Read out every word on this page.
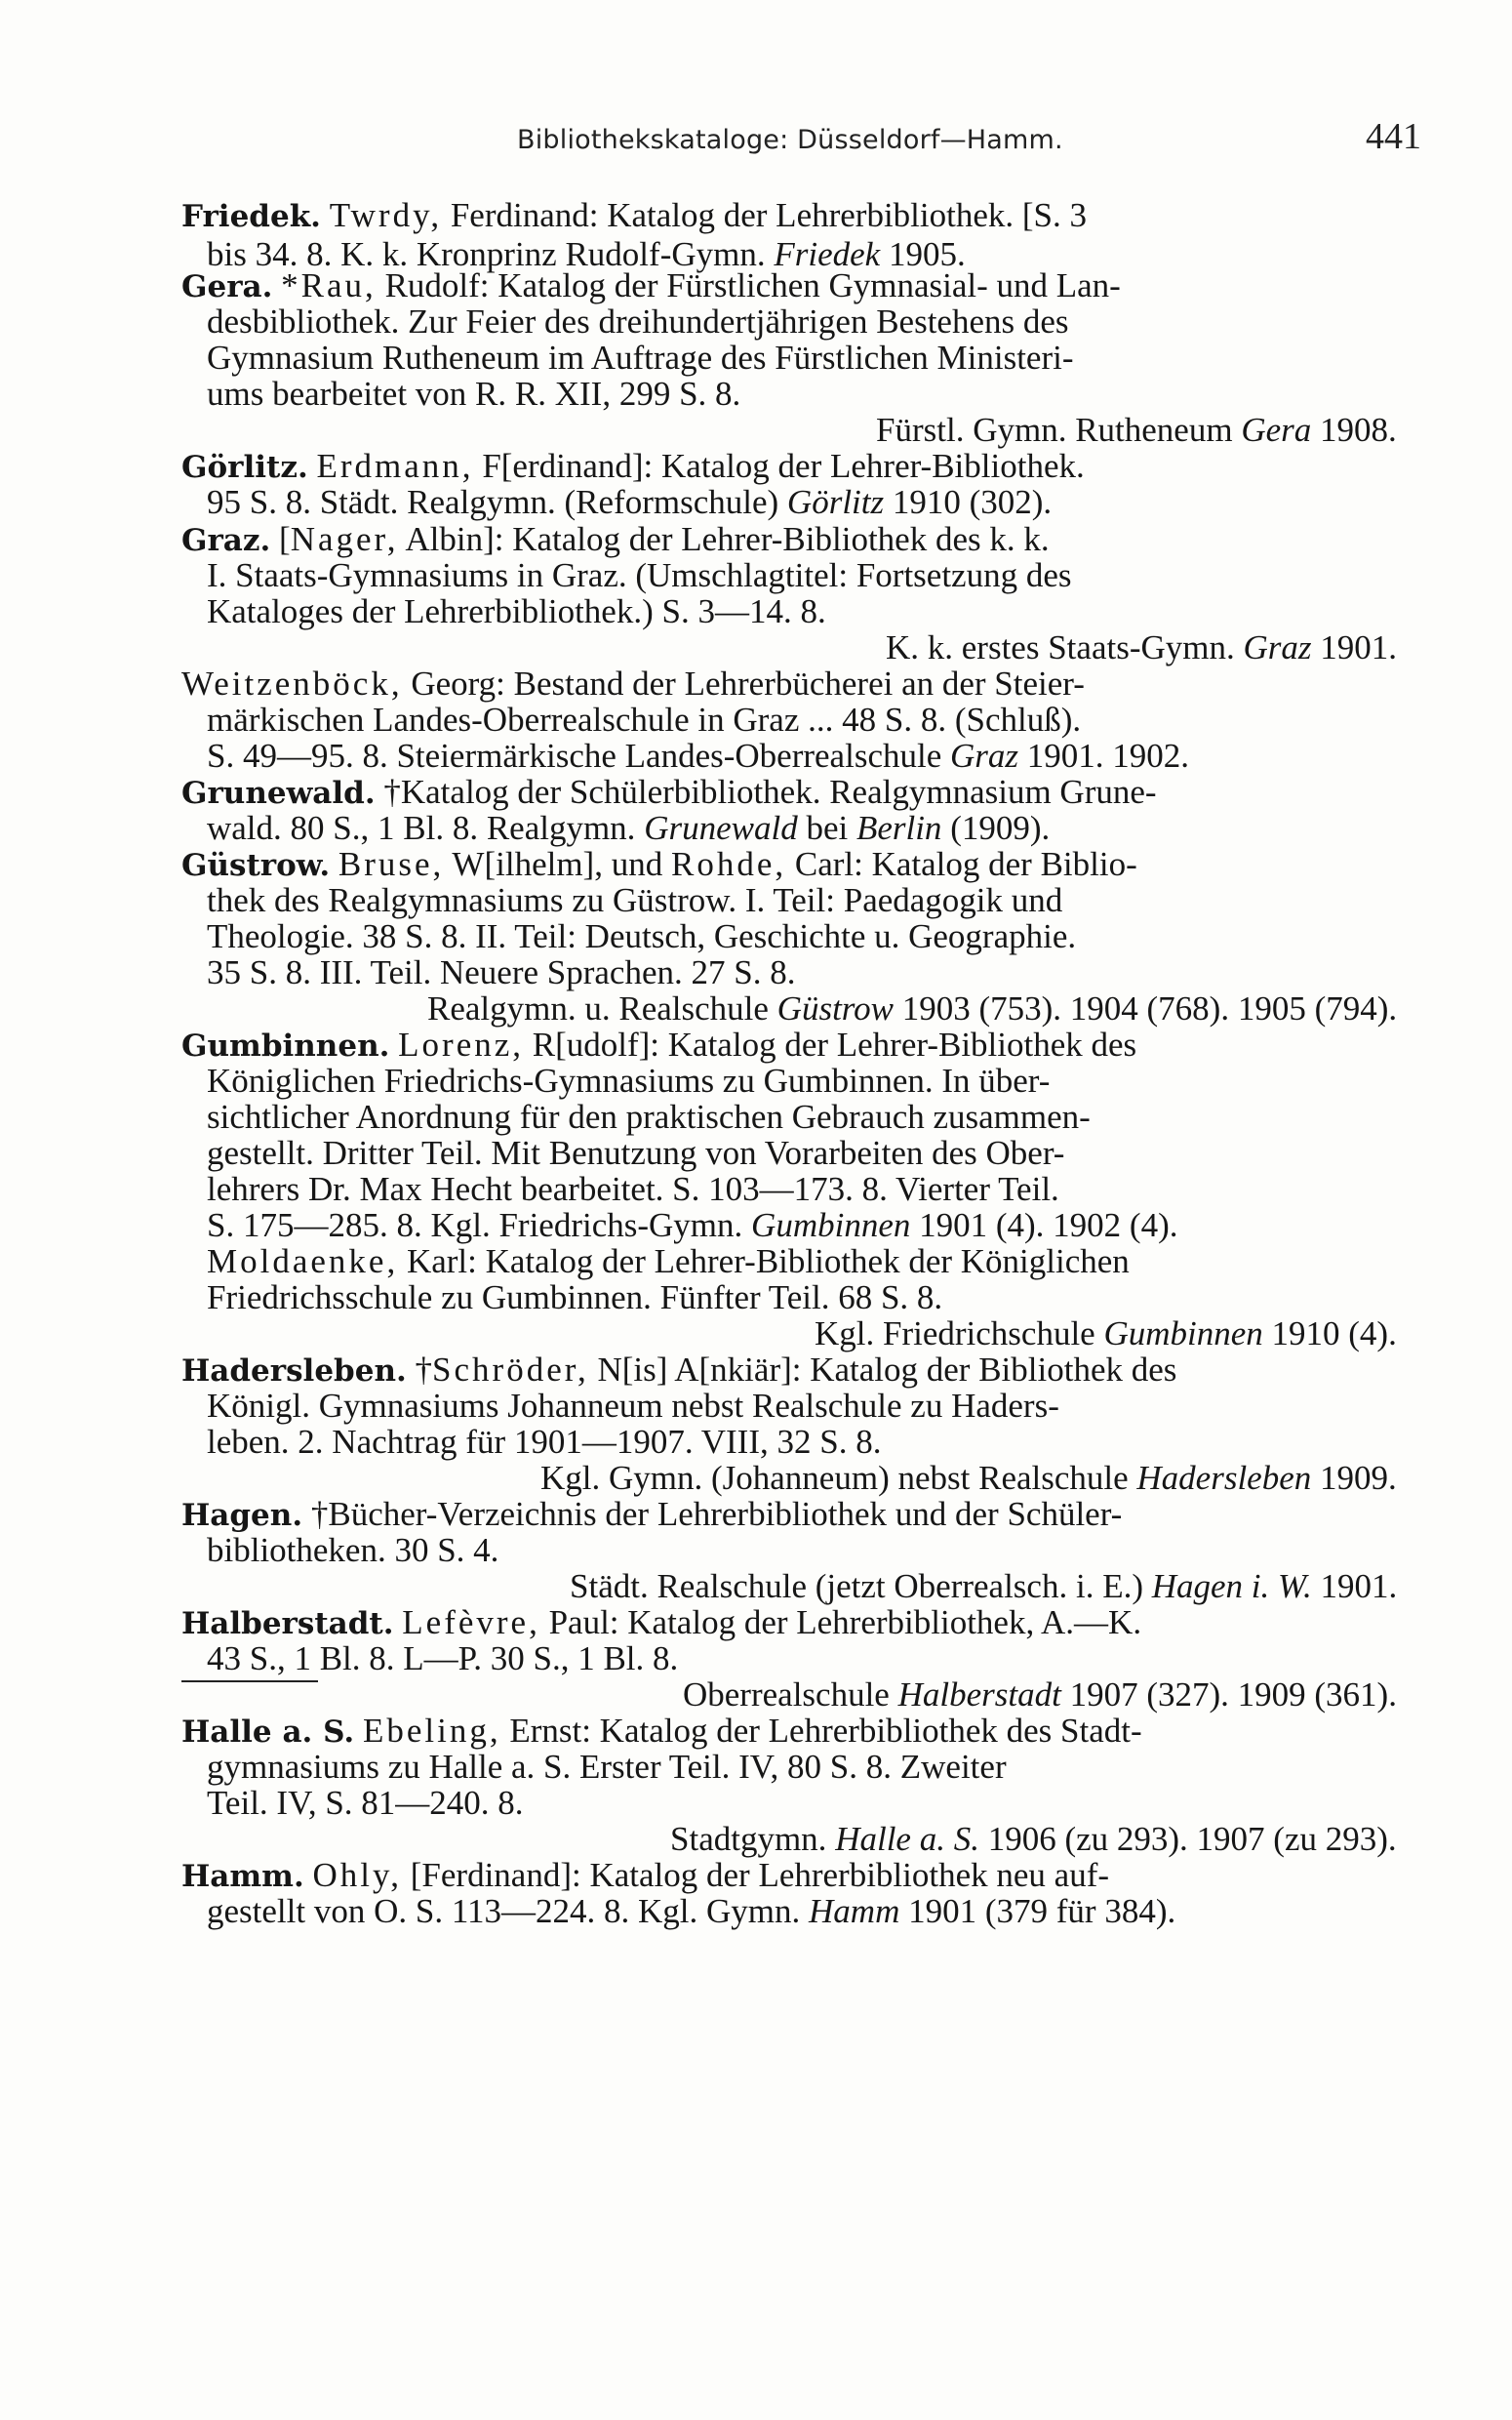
Bibliothekskataloge: Düsseldorf—Hamm.	441
Friedek. Twrdy, Ferdinand: Katalog der Lehrerbibliothek. [S. 3
bis 34. 8. K. k. Kronprinz Rudolf-Gymn. Friedek 1905.
Gera. *Rau, Rudolf: Katalog der Fürstlichen Gymnasial- und Lan-
desbibliothek. Zur Feier des dreihundertjährigen Bestehens des
Gymnasium Rutheneum im Auftrage des Fürstlichen Ministeri-
ums bearbeitet von R. R. XII, 299 S. 8.
Fürstl. Gymn. Rutheneum Gera 1908.
Görlitz. Erdmann, F[erdinand]: Katalog der Lehrer-Bibliothek.
95 S. 8. Städt. Realgymn. (Reformschule) Görlitz 1910 (302).
Graz. [Nager, Albin]: Katalog der Lehrer-Bibliothek des k. k.
I. Staats-Gymnasiums in Graz. (Umschlagtitel: Fortsetzung des
Kataloges der Lehrerbibliothek.) S. 3—14. 8.
K. k. erstes Staats-Gymn. Graz 1901.
Weitzenböck, Georg: Bestand der Lehrerbücherei an der Steier-
märkischen Landes-Oberrealschule in Graz ... 48 S. 8. (Schluß).
S. 49—95. 8. Steiermärkische Landes-Oberrealschule Graz 1901. 1902.
Grunewald. †Katalog der Schülerbibliothek. Realgymnasium Grune-
wald. 80 S., 1 Bl. 8. Realgymn. Grunewald bei Berlin (1909).
Güstrow. Bruse, W[ilhelm], und Rohde, Carl: Katalog der Biblio-
thek des Realgymnasiums zu Güstrow. I. Teil: Paedagogik und
Theologie. 38 S. 8. II. Teil: Deutsch, Geschichte u. Geographie.
35 S. 8. III. Teil. Neuere Sprachen. 27 S. 8.
Realgymn. u. Realschule Güstrow 1903 (753). 1904 (768). 1905 (794).
Gumbinnen. Lorenz, R[udolf]: Katalog der Lehrer-Bibliothek des
Königlichen Friedrichs-Gymnasiums zu Gumbinnen. In über-
sichtlicher Anordnung für den praktischen Gebrauch zusammen-
gestellt. Dritter Teil. Mit Benutzung von Vorarbeiten des Ober-
lehrers Dr. Max Hecht bearbeitet. S. 103—173. 8. Vierter Teil.
S. 175—285. 8. Kgl. Friedrichs-Gymn. Gumbinnen 1901 (4). 1902 (4).
Moldaenke, Karl: Katalog der Lehrer-Bibliothek der Königlichen
Friedrichsschule zu Gumbinnen. Fünfter Teil. 68 S. 8.
Kgl. Friedrichschule Gumbinnen 1910 (4).
Hadersleben. †Schröder, N[is] A[nkiär]: Katalog der Bibliothek des
Königl. Gymnasiums Johanneum nebst Realschule zu Haders-
leben. 2. Nachtrag für 1901—1907. VIII, 32 S. 8.
Kgl. Gymn. (Johanneum) nebst Realschule Hadersleben 1909.
Hagen. †Bücher-Verzeichnis der Lehrerbibliothek und der Schüler-
bibliotheken. 30 S. 4.
Städt. Realschule (jetzt Oberrealsch. i. E.) Hagen i. W. 1901.
Halberstadt. Lefèvre, Paul: Katalog der Lehrerbibliothek, A.—K.
43 S., 1 Bl. 8. L—P. 30 S., 1 Bl. 8.
Oberrealschule Halberstadt 1907 (327). 1909 (361).
Halle a. S. Ebeling, Ernst: Katalog der Lehrerbibliothek des Stadt-
gymnasiums zu Halle a. S. Erster Teil. IV, 80 S. 8. Zweiter
Teil. IV, S. 81—240. 8.
Stadtgymn. Halle a. S. 1906 (zu 293). 1907 (zu 293).
Hamm. Ohly, [Ferdinand]: Katalog der Lehrerbibliothek neu auf-
gestellt von O. S. 113—224. 8. Kgl. Gymn. Hamm 1901 (379 für 384).
